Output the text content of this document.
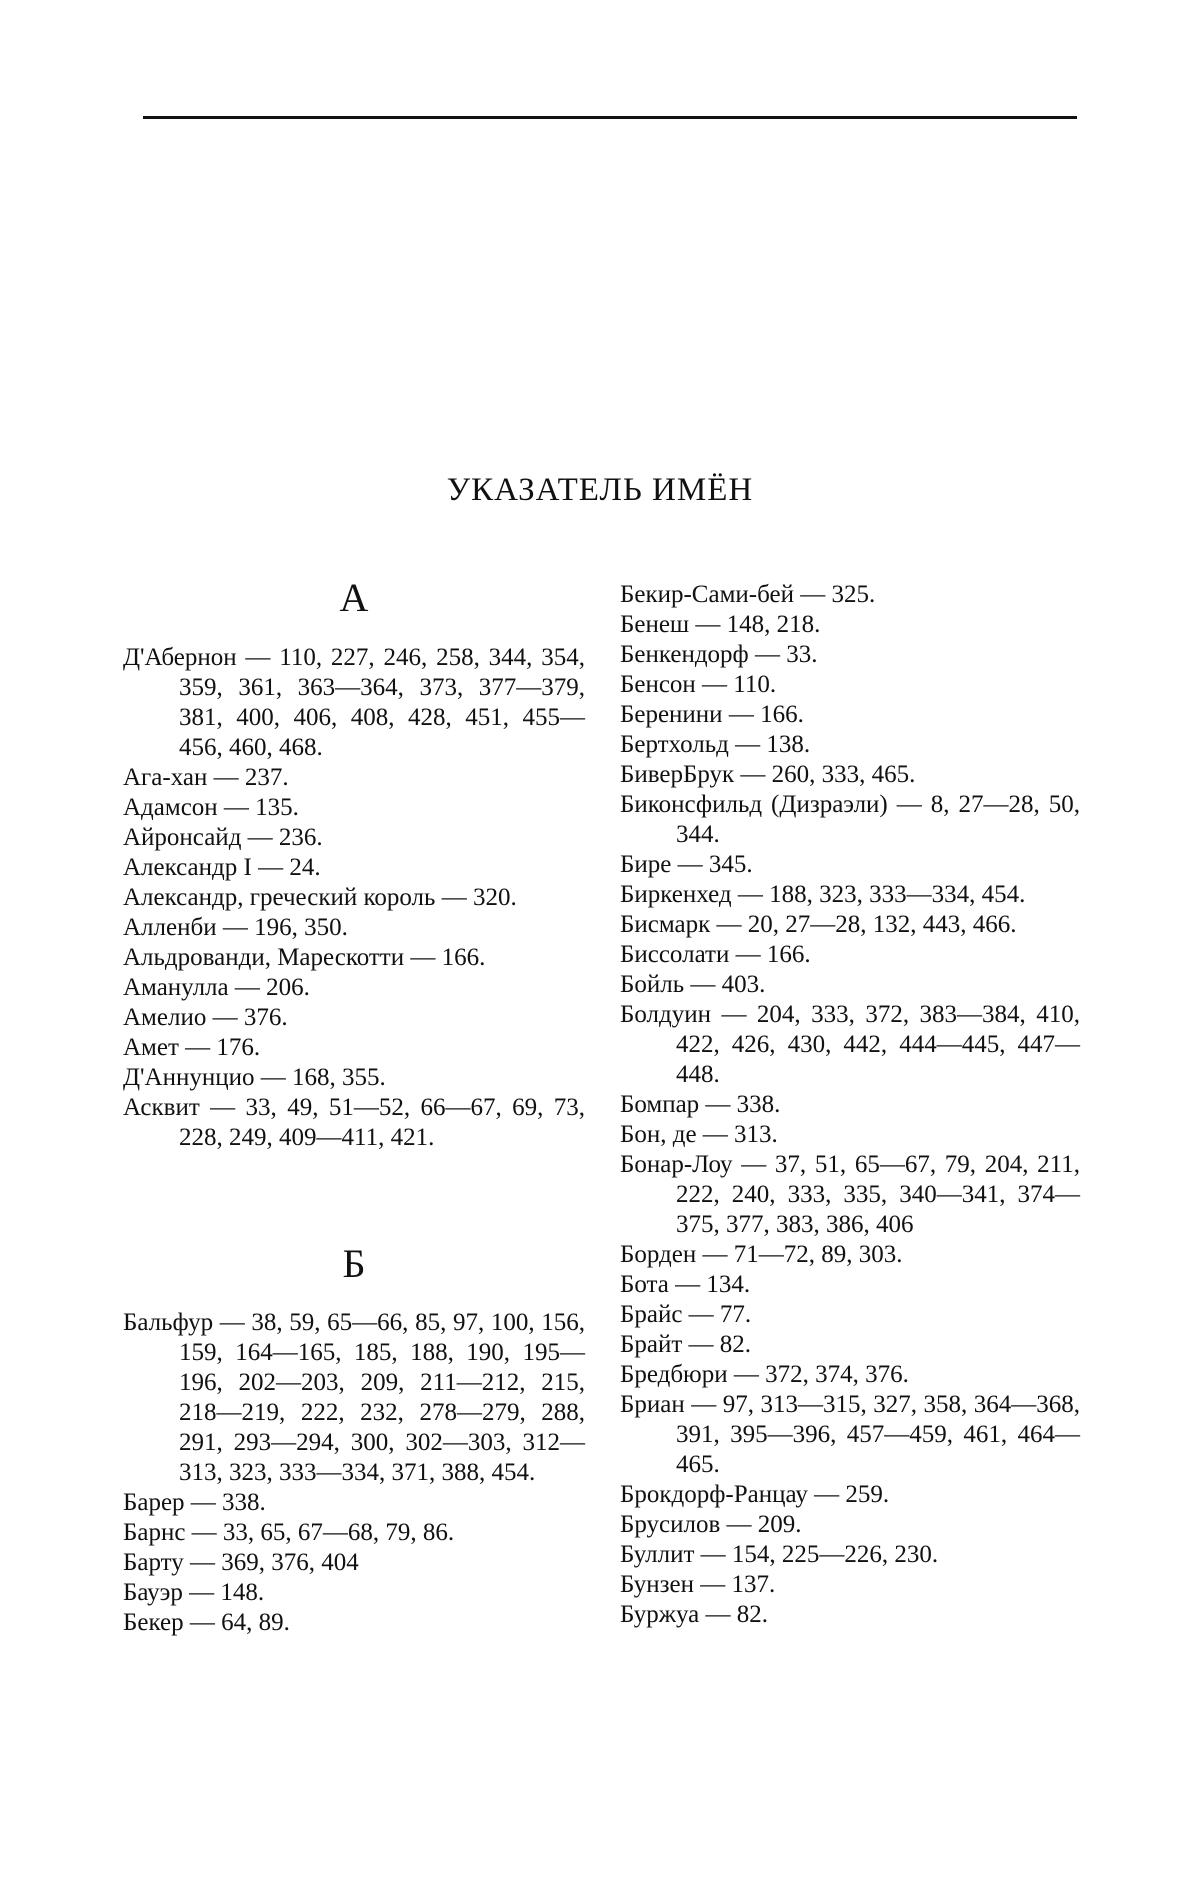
УКАЗАТЕЛЬ ИМЁН
А
Д'Абернон — 110, 227, 246, 258, 344, 354, 359, 361, 363—364, 373, 377—379, 381, 400, 406, 408, 428, 451, 455—456, 460, 468.
Ага-хан — 237.
Адамсон — 135.
Айронсайд — 236.
Александр I — 24.
Александр, греческий король — 320.
Алленби — 196, 350.
Альдрованди, Марескотти — 166.
Аманулла — 206.
Амелио — 376.
Амет — 176.
Д'Аннунцио — 168, 355.
Асквит — 33, 49, 51—52, 66—67, 69, 73, 228, 249, 409—411, 421.
Б
Бальфур — 38, 59, 65—66, 85, 97, 100, 156, 159, 164—165, 185, 188, 190, 195—196, 202—203, 209, 211—212, 215, 218—219, 222, 232, 278—279, 288, 291, 293—294, 300, 302—303, 312—313, 323, 333—334, 371, 388, 454.
Барер — 338.
Барнс — 33, 65, 67—68, 79, 86.
Барту — 369, 376, 404
Бауэр — 148.
Бекер — 64, 89.
Бекир-Сами-бей — 325.
Бенеш — 148, 218.
Бенкендорф — 33.
Бенсон — 110.
Беренини — 166.
Бертхольд — 138.
БиверБрук — 260, 333, 465.
Биконсфильд (Дизраэли) — 8, 27—28, 50, 344.
Бире — 345.
Биркенхед — 188, 323, 333—334, 454.
Бисмарк — 20, 27—28, 132, 443, 466.
Биссолати — 166.
Бойль — 403.
Болдуин — 204, 333, 372, 383—384, 410, 422, 426, 430, 442, 444—445, 447—448.
Бомпар — 338.
Бон, де — 313.
Бонар-Лоу — 37, 51, 65—67, 79, 204, 211, 222, 240, 333, 335, 340—341, 374—375, 377, 383, 386, 406
Борден — 71—72, 89, 303.
Бота — 134.
Брайс — 77.
Брайт — 82.
Бредбюри — 372, 374, 376.
Бриан — 97, 313—315, 327, 358, 364—368, 391, 395—396, 457—459, 461, 464—465.
Брокдорф-Ранцау — 259.
Брусилов — 209.
Буллит — 154, 225—226, 230.
Бунзен — 137.
Буржуа — 82.
